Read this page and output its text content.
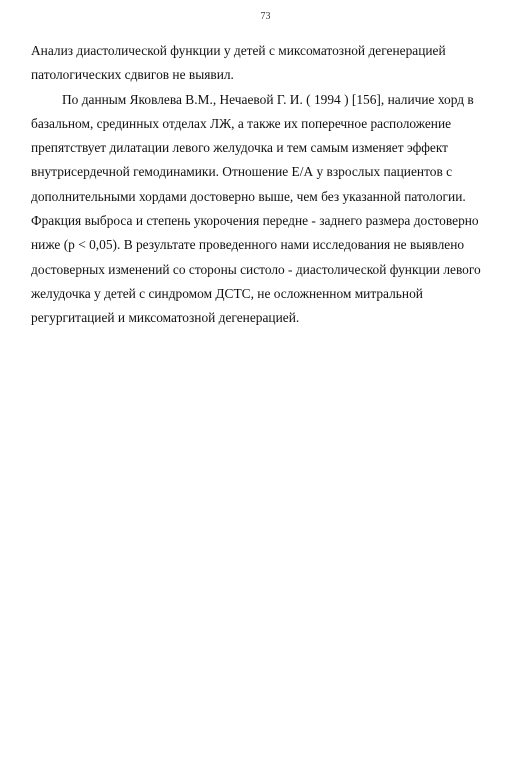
73
Анализ диастолической функции у детей с миксоматозной дегенерацией
патологических сдвигов не выявил.
По данным Яковлева В.М., Нечаевой Г. И. ( 1994 ) [156], наличие хорд в
базальном, срединных отделах ЛЖ, а также их поперечное расположение
препятствует дилатации левого желудочка и тем самым изменяет эффект
внутрисердечной гемодинамики. Отношение Е/А у взрослых пациентов с
дополнительными хордами достоверно выше, чем без указанной патологии.
Фракция выброса и степень укорочения передне - заднего размера достоверно
ниже (р < 0,05). В результате проведенного нами исследования не выявлено
достоверных изменений со стороны систоло - диастолической функции левого
желудочка у детей с синдромом ДСТС, не осложненном митральной
регургитацией и миксоматозной дегенерацией.
